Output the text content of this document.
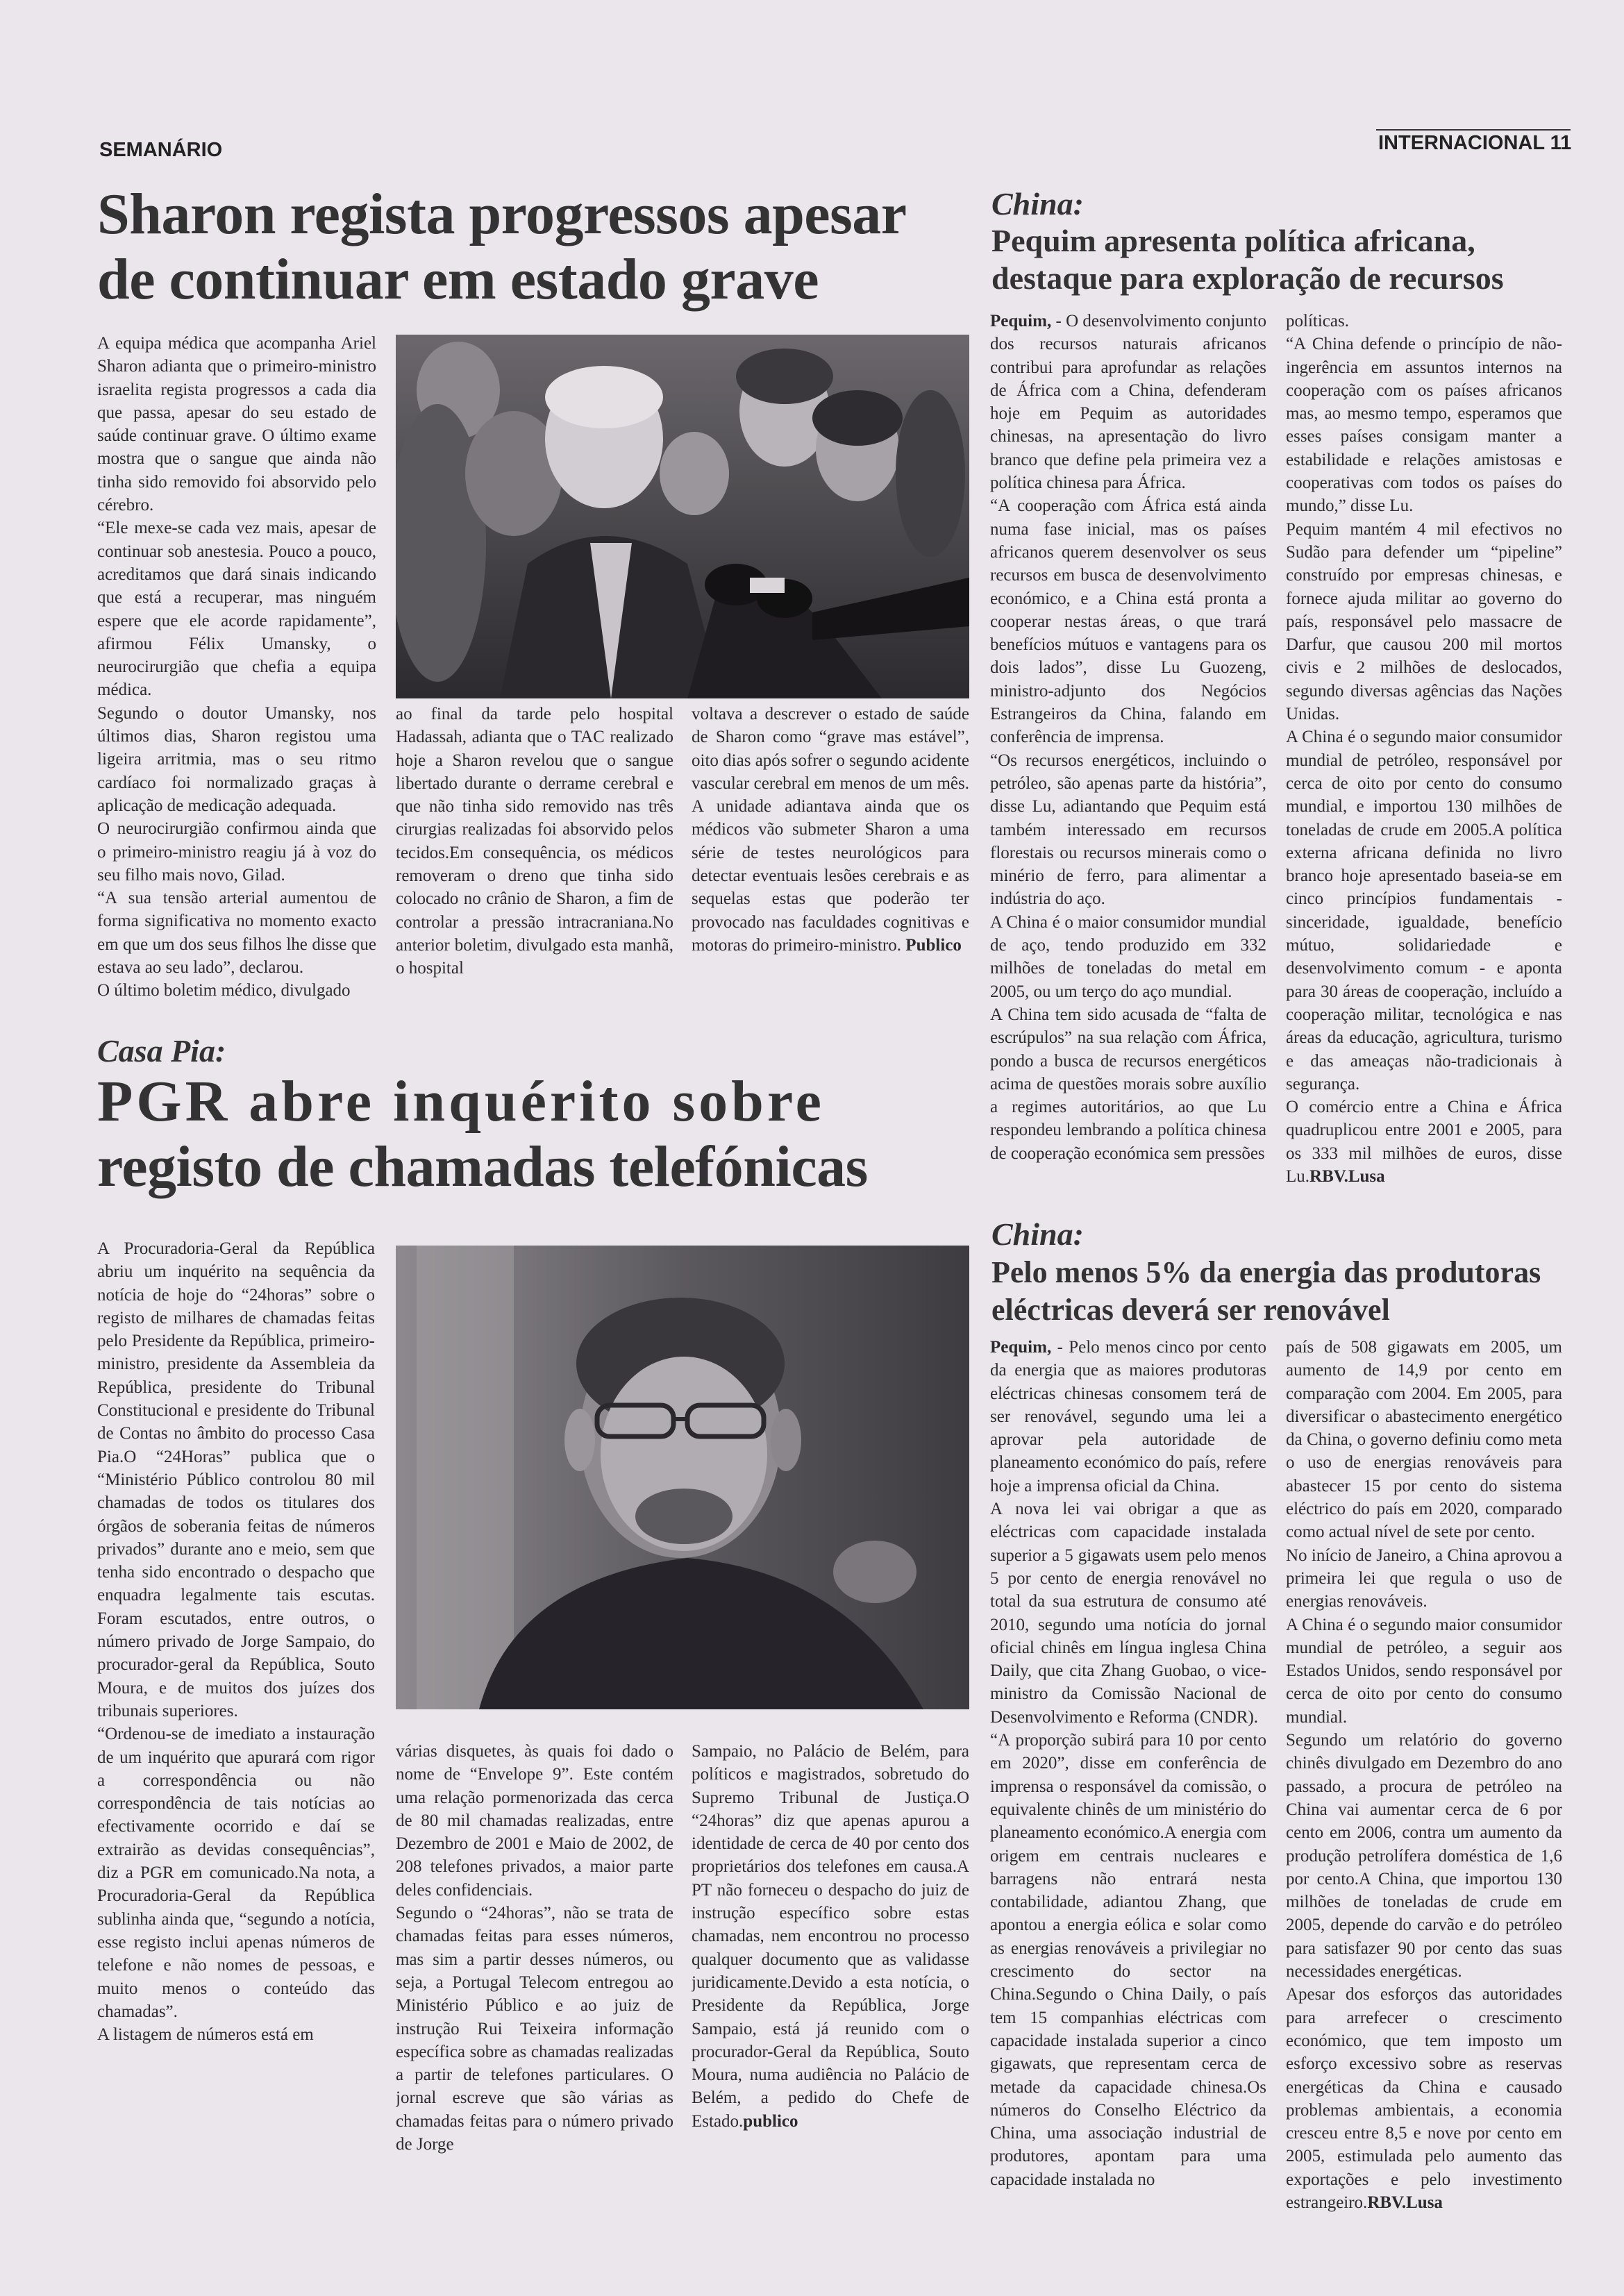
SEMANÁRIO	INTERNACIONAL 11
Sharon regista progressos apesar
de continuar em estado grave

A equipa médica que acompanha Ariel Sharon adianta que o primeiro-ministro israelita regista progressos a cada dia que passa, apesar do seu estado de saúde continuar grave. O último exame mostra que o sangue que ainda não tinha sido removido foi absorvido pelo cérebro.

“Ele mexe-se cada vez mais, apesar de continuar sob anestesia. Pouco a pouco, acreditamos que dará sinais indicando que está a recuperar, mas ninguém espere que ele acorde rapidamente”, afirmou Félix Umansky, o neurocirurgião que chefia a equipa médica.

Segundo o doutor Umansky, nos últimos dias, Sharon registou uma ligeira arritmia, mas o seu ritmo cardíaco foi normalizado graças à aplicação de medicação adequada.

O neurocirurgião confirmou ainda que o primeiro-ministro reagiu já à voz do seu filho mais novo, Gilad.

“A sua tensão arterial aumentou de forma significativa no momento exacto em que um dos seus filhos lhe disse que estava ao seu lado”, declarou.

O último boletim médico, divulgado

ao final da tarde pelo hospital Hadassah, adianta que o TAC realizado hoje a Sharon revelou que o sangue libertado durante o derrame cerebral e que não tinha sido removido nas três cirurgias realizadas foi absorvido pelos tecidos.Em consequência, os médicos removeram o dreno que tinha sido colocado no crânio de Sharon, a fim de controlar a pressão intracraniana.No anterior boletim, divulgado esta manhã, o hospital

voltava a descrever o estado de saúde de Sharon como “grave mas estável”, oito dias após sofrer o segundo acidente vascular cerebral em menos de um mês. A unidade adiantava ainda que os médicos vão submeter Sharon a uma série de testes neurológicos para detectar eventuais lesões cerebrais e as sequelas estas que poderão ter provocado nas faculdades cognitivas e motoras do primeiro-ministro. Publico

China:
Pequim apresenta política africana,
destaque para exploração de recursos

Pequim, - O desenvolvimento conjunto dos recursos naturais africanos contribui para aprofundar as relações de África com a China, defenderam hoje em Pequim as autoridades chinesas, na apresentação do livro branco que define pela primeira vez a política chinesa para África.

“A cooperação com África está ainda numa fase inicial, mas os países africanos querem desenvolver os seus recursos em busca de desenvolvimento económico, e a China está pronta a cooperar nestas áreas, o que trará benefícios mútuos e vantagens para os dois lados”, disse Lu Guozeng, ministro-adjunto dos Negócios Estrangeiros da China, falando em conferência de imprensa.

“Os recursos energéticos, incluindo o petróleo, são apenas parte da história”, disse Lu, adiantando que Pequim está também interessado em recursos florestais ou recursos minerais como o minério de ferro, para alimentar a indústria do aço.

A China é o maior consumidor mundial de aço, tendo produzido em 332 milhões de toneladas do metal em 2005, ou um terço do aço mundial.

A China tem sido acusada de “falta de escrúpulos” na sua relação com África, pondo a busca de recursos energéticos acima de questões morais sobre auxílio a regimes autoritários, ao que Lu respondeu lembrando a política chinesa de cooperação económica sem pressões

políticas.

“A China defende o princípio de não-ingerência em assuntos internos na cooperação com os países africanos mas, ao mesmo tempo, esperamos que esses países consigam manter a estabilidade e relações amistosas e cooperativas com todos os países do mundo,” disse Lu.

Pequim mantém 4 mil efectivos no Sudão para defender um “pipeline” construído por empresas chinesas, e fornece ajuda militar ao governo do país, responsável pelo massacre de Darfur, que causou 200 mil mortos civis e 2 milhões de deslocados, segundo diversas agências das Nações Unidas.

A China é o segundo maior consumidor mundial de petróleo, responsável por cerca de oito por cento do consumo mundial, e importou 130 milhões de toneladas de crude em 2005.A política externa africana definida no livro branco hoje apresentado baseia-se em cinco princípios fundamentais - sinceridade, igualdade, benefício mútuo, solidariedade e desenvolvimento comum - e aponta para 30 áreas de cooperação, incluído a cooperação militar, tecnológica e nas áreas da educação, agricultura, turismo e das ameaças não-tradicionais à segurança.

O comércio entre a China e África quadruplicou entre 2001 e 2005, para os 333 mil milhões de euros, disse Lu.RBV.Lusa

Casa Pia:
PGR abre inquérito sobre
registo de chamadas telefónicas

A Procuradoria-Geral da República abriu um inquérito na sequência da notícia de hoje do “24horas” sobre o registo de milhares de chamadas feitas pelo Presidente da República, primeiro-ministro, presidente da Assembleia da República, presidente do Tribunal Constitucional e presidente do Tribunal de Contas no âmbito do processo Casa Pia.O “24Horas” publica que o “Ministério Público controlou 80 mil chamadas de todos os titulares dos órgãos de soberania feitas de números privados” durante ano e meio, sem que tenha sido encontrado o despacho que enquadra legalmente tais escutas. Foram escutados, entre outros, o número privado de Jorge Sampaio, do procurador-geral da República, Souto Moura, e de muitos dos juízes dos tribunais superiores.

“Ordenou-se de imediato a instauração de um inquérito que apurará com rigor a correspondência ou não correspondência de tais notícias ao efectivamente ocorrido e daí se extrairão as devidas consequências”, diz a PGR em comunicado.Na nota, a Procuradoria-Geral da República sublinha ainda que, “segundo a notícia, esse registo inclui apenas números de telefone e não nomes de pessoas, e muito menos o conteúdo das chamadas”.

A listagem de números está em

várias disquetes, às quais foi dado o nome de “Envelope 9”. Este contém uma relação pormenorizada das cerca de 80 mil chamadas realizadas, entre Dezembro de 2001 e Maio de 2002, de 208 telefones privados, a maior parte deles confidenciais.

Segundo o “24horas”, não se trata de chamadas feitas para esses números, mas sim a partir desses números, ou seja, a Portugal Telecom entregou ao Ministério Público e ao juiz de instrução Rui Teixeira informação específica sobre as chamadas realizadas a partir de telefones particulares. O jornal escreve que são várias as chamadas feitas para o número privado de Jorge

Sampaio, no Palácio de Belém, para políticos e magistrados, sobretudo do Supremo Tribunal de Justiça.O “24horas” diz que apenas apurou a identidade de cerca de 40 por cento dos proprietários dos telefones em causa.A PT não forneceu o despacho do juiz de instrução específico sobre estas chamadas, nem encontrou no processo qualquer documento que as validasse juridicamente.Devido a esta notícia, o Presidente da República, Jorge Sampaio, está já reunido com o procurador-Geral da República, Souto Moura, numa audiência no Palácio de Belém, a pedido do Chefe de Estado.publico

China:
Pelo menos 5% da energia das produtoras
eléctricas deverá ser renovável

Pequim, - Pelo menos cinco por cento da energia que as maiores produtoras eléctricas chinesas consomem terá de ser renovável, segundo uma lei a aprovar pela autoridade de planeamento económico do país, refere hoje a imprensa oficial da China.

A nova lei vai obrigar a que as eléctricas com capacidade instalada superior a 5 gigawats usem pelo menos 5 por cento de energia renovável no total da sua estrutura de consumo até 2010, segundo uma notícia do jornal oficial chinês em língua inglesa China Daily, que cita Zhang Guobao, o vice-ministro da Comissão Nacional de Desenvolvimento e Reforma (CNDR).

“A proporção subirá para 10 por cento em 2020”, disse em conferência de imprensa o responsável da comissão, o equivalente chinês de um ministério do planeamento económico.A energia com origem em centrais nucleares e barragens não entrará nesta contabilidade, adiantou Zhang, que apontou a energia eólica e solar como as energias renováveis a privilegiar no crescimento do sector na China.Segundo o China Daily, o país tem 15 companhias eléctricas com capacidade instalada superior a cinco gigawats, que representam cerca de metade da capacidade chinesa.Os números do Conselho Eléctrico da China, uma associação industrial de produtores, apontam para uma capacidade instalada no

país de 508 gigawats em 2005, um aumento de 14,9 por cento em comparação com 2004. Em 2005, para diversificar o abastecimento energético da China, o governo definiu como meta o uso de energias renováveis para abastecer 15 por cento do sistema eléctrico do país em 2020, comparado como actual nível de sete por cento.

No início de Janeiro, a China aprovou a primeira lei que regula o uso de energias renováveis.

A China é o segundo maior consumidor mundial de petróleo, a seguir aos Estados Unidos, sendo responsável por cerca de oito por cento do consumo mundial.

Segundo um relatório do governo chinês divulgado em Dezembro do ano passado, a procura de petróleo na China vai aumentar cerca de 6 por cento em 2006, contra um aumento da produção petrolífera doméstica de 1,6 por cento.A China, que importou 130 milhões de toneladas de crude em 2005, depende do carvão e do petróleo para satisfazer 90 por cento das suas necessidades energéticas.

Apesar dos esforços das autoridades para arrefecer o crescimento económico, que tem imposto um esforço excessivo sobre as reservas energéticas da China e causado problemas ambientais, a economia cresceu entre 8,5 e nove por cento em 2005, estimulada pelo aumento das exportações e pelo investimento estrangeiro.RBV.Lusa
